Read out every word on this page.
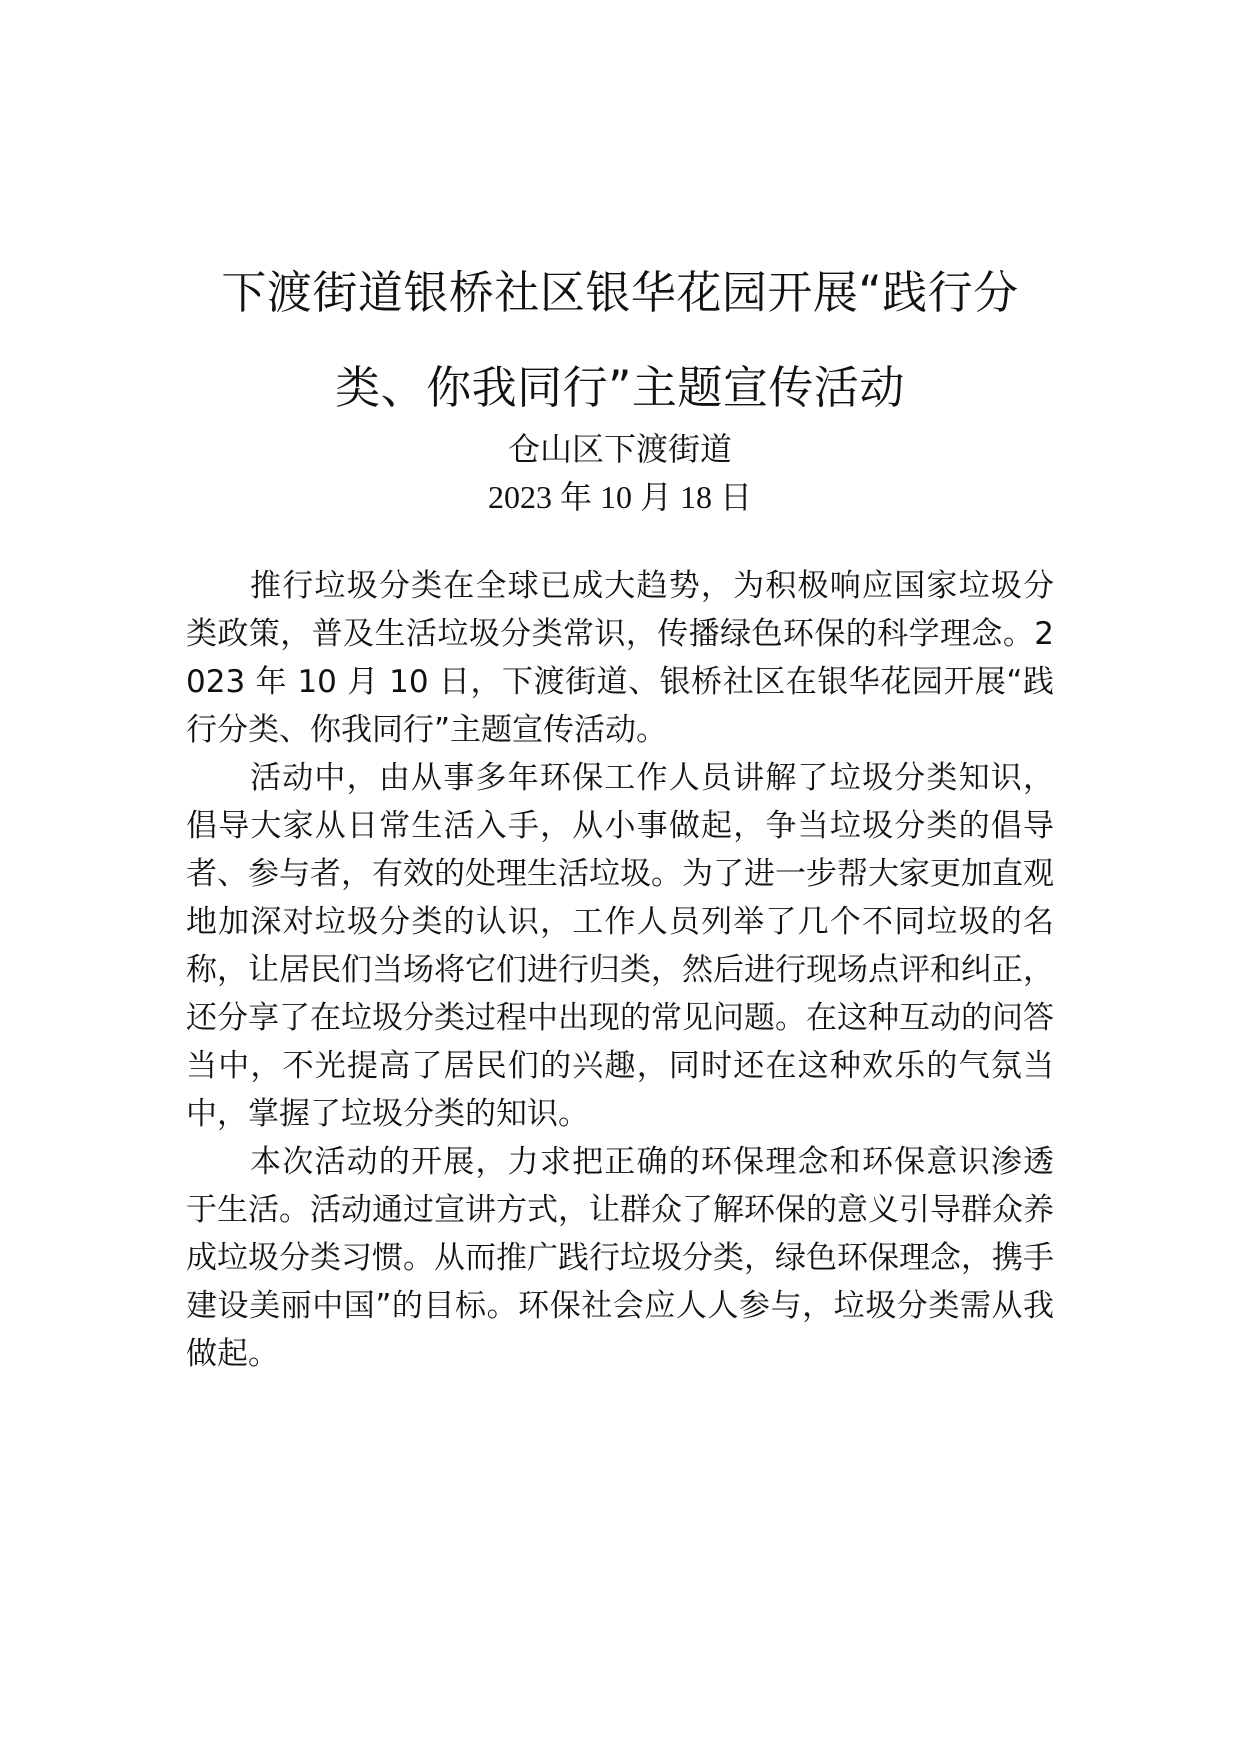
下渡街道银桥社区银华花园开展“践行分
类、你我同行”主题宣传活动
仓山区下渡街道
2023 年 10 月 18 日

推行垃圾分类在全球已成大趋势，为积极响应国家垃圾分类政策，普及生活垃圾分类常识，传播绿色环保的科学理念。2023 年 10 月 10 日，下渡街道、银桥社区在银华花园开展“践行分类、你我同行”主题宣传活动。

活动中，由从事多年环保工作人员讲解了垃圾分类知识，倡导大家从日常生活入手，从小事做起，争当垃圾分类的倡导者、参与者，有效的处理生活垃圾。为了进一步帮大家更加直观地加深对垃圾分类的认识，工作人员列举了几个不同垃圾的名称，让居民们当场将它们进行归类，然后进行现场点评和纠正，还分享了在垃圾分类过程中出现的常见问题。在这种互动的问答当中，不光提高了居民们的兴趣，同时还在这种欢乐的气氛当中，掌握了垃圾分类的知识。

本次活动的开展，力求把正确的环保理念和环保意识渗透于生活。活动通过宣讲方式，让群众了解环保的意义引导群众养成垃圾分类习惯。从而推广践行垃圾分类，绿色环保理念，携手建设美丽中国”的目标。环保社会应人人参与，垃圾分类需从我做起。
